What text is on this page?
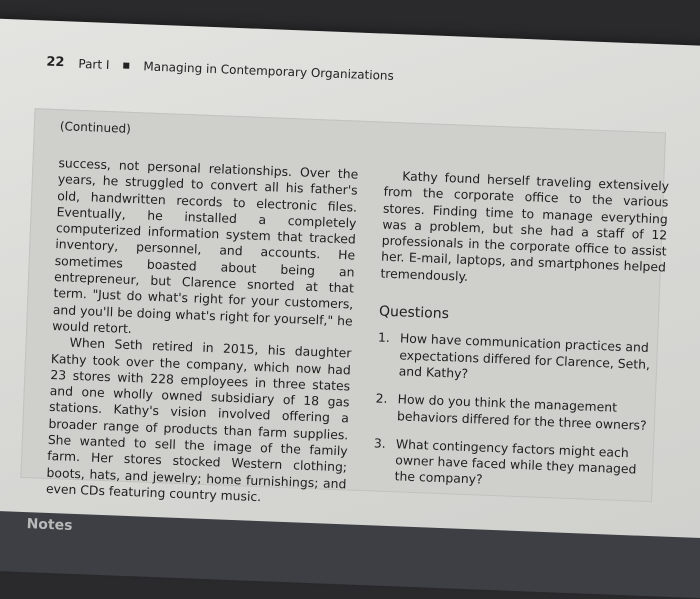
22 Part I	Managing in Contemporary Organizations
(Continued)

success, not personal relationships. Over the years, he struggled to convert all his father's old, handwritten records to electronic files. Eventually, he installed a completely computerized information system that tracked inventory, personnel, and accounts. He sometimes boasted about being an entrepreneur, but Clarence snorted at that term. "Just do what's right for your customers, and you'll be doing what's right for yourself," he would retort.

When Seth retired in 2015, his daughter Kathy took over the company, which now had 23 stores with 228 employees in three states and one wholly owned subsidiary of 18 gas stations. Kathy's vision involved offering a broader range of products than farm supplies. She wanted to sell the image of the family farm. Her stores stocked Western clothing; boots, hats, and jewelry; home furnishings; and even CDs featuring country music.

Kathy found herself traveling extensively from the corporate office to the various stores. Finding time to manage everything was a problem, but she had a staff of 12 professionals in the corporate office to assist her. E-mail, laptops, and smartphones helped tremendously.

Questions
1. How have communication practices and expectations differed for Clarence, Seth, and Kathy?
2. How do you think the management behaviors differed for the three owners?
3. What contingency factors might each owner have faced while they managed the company?
Notes
